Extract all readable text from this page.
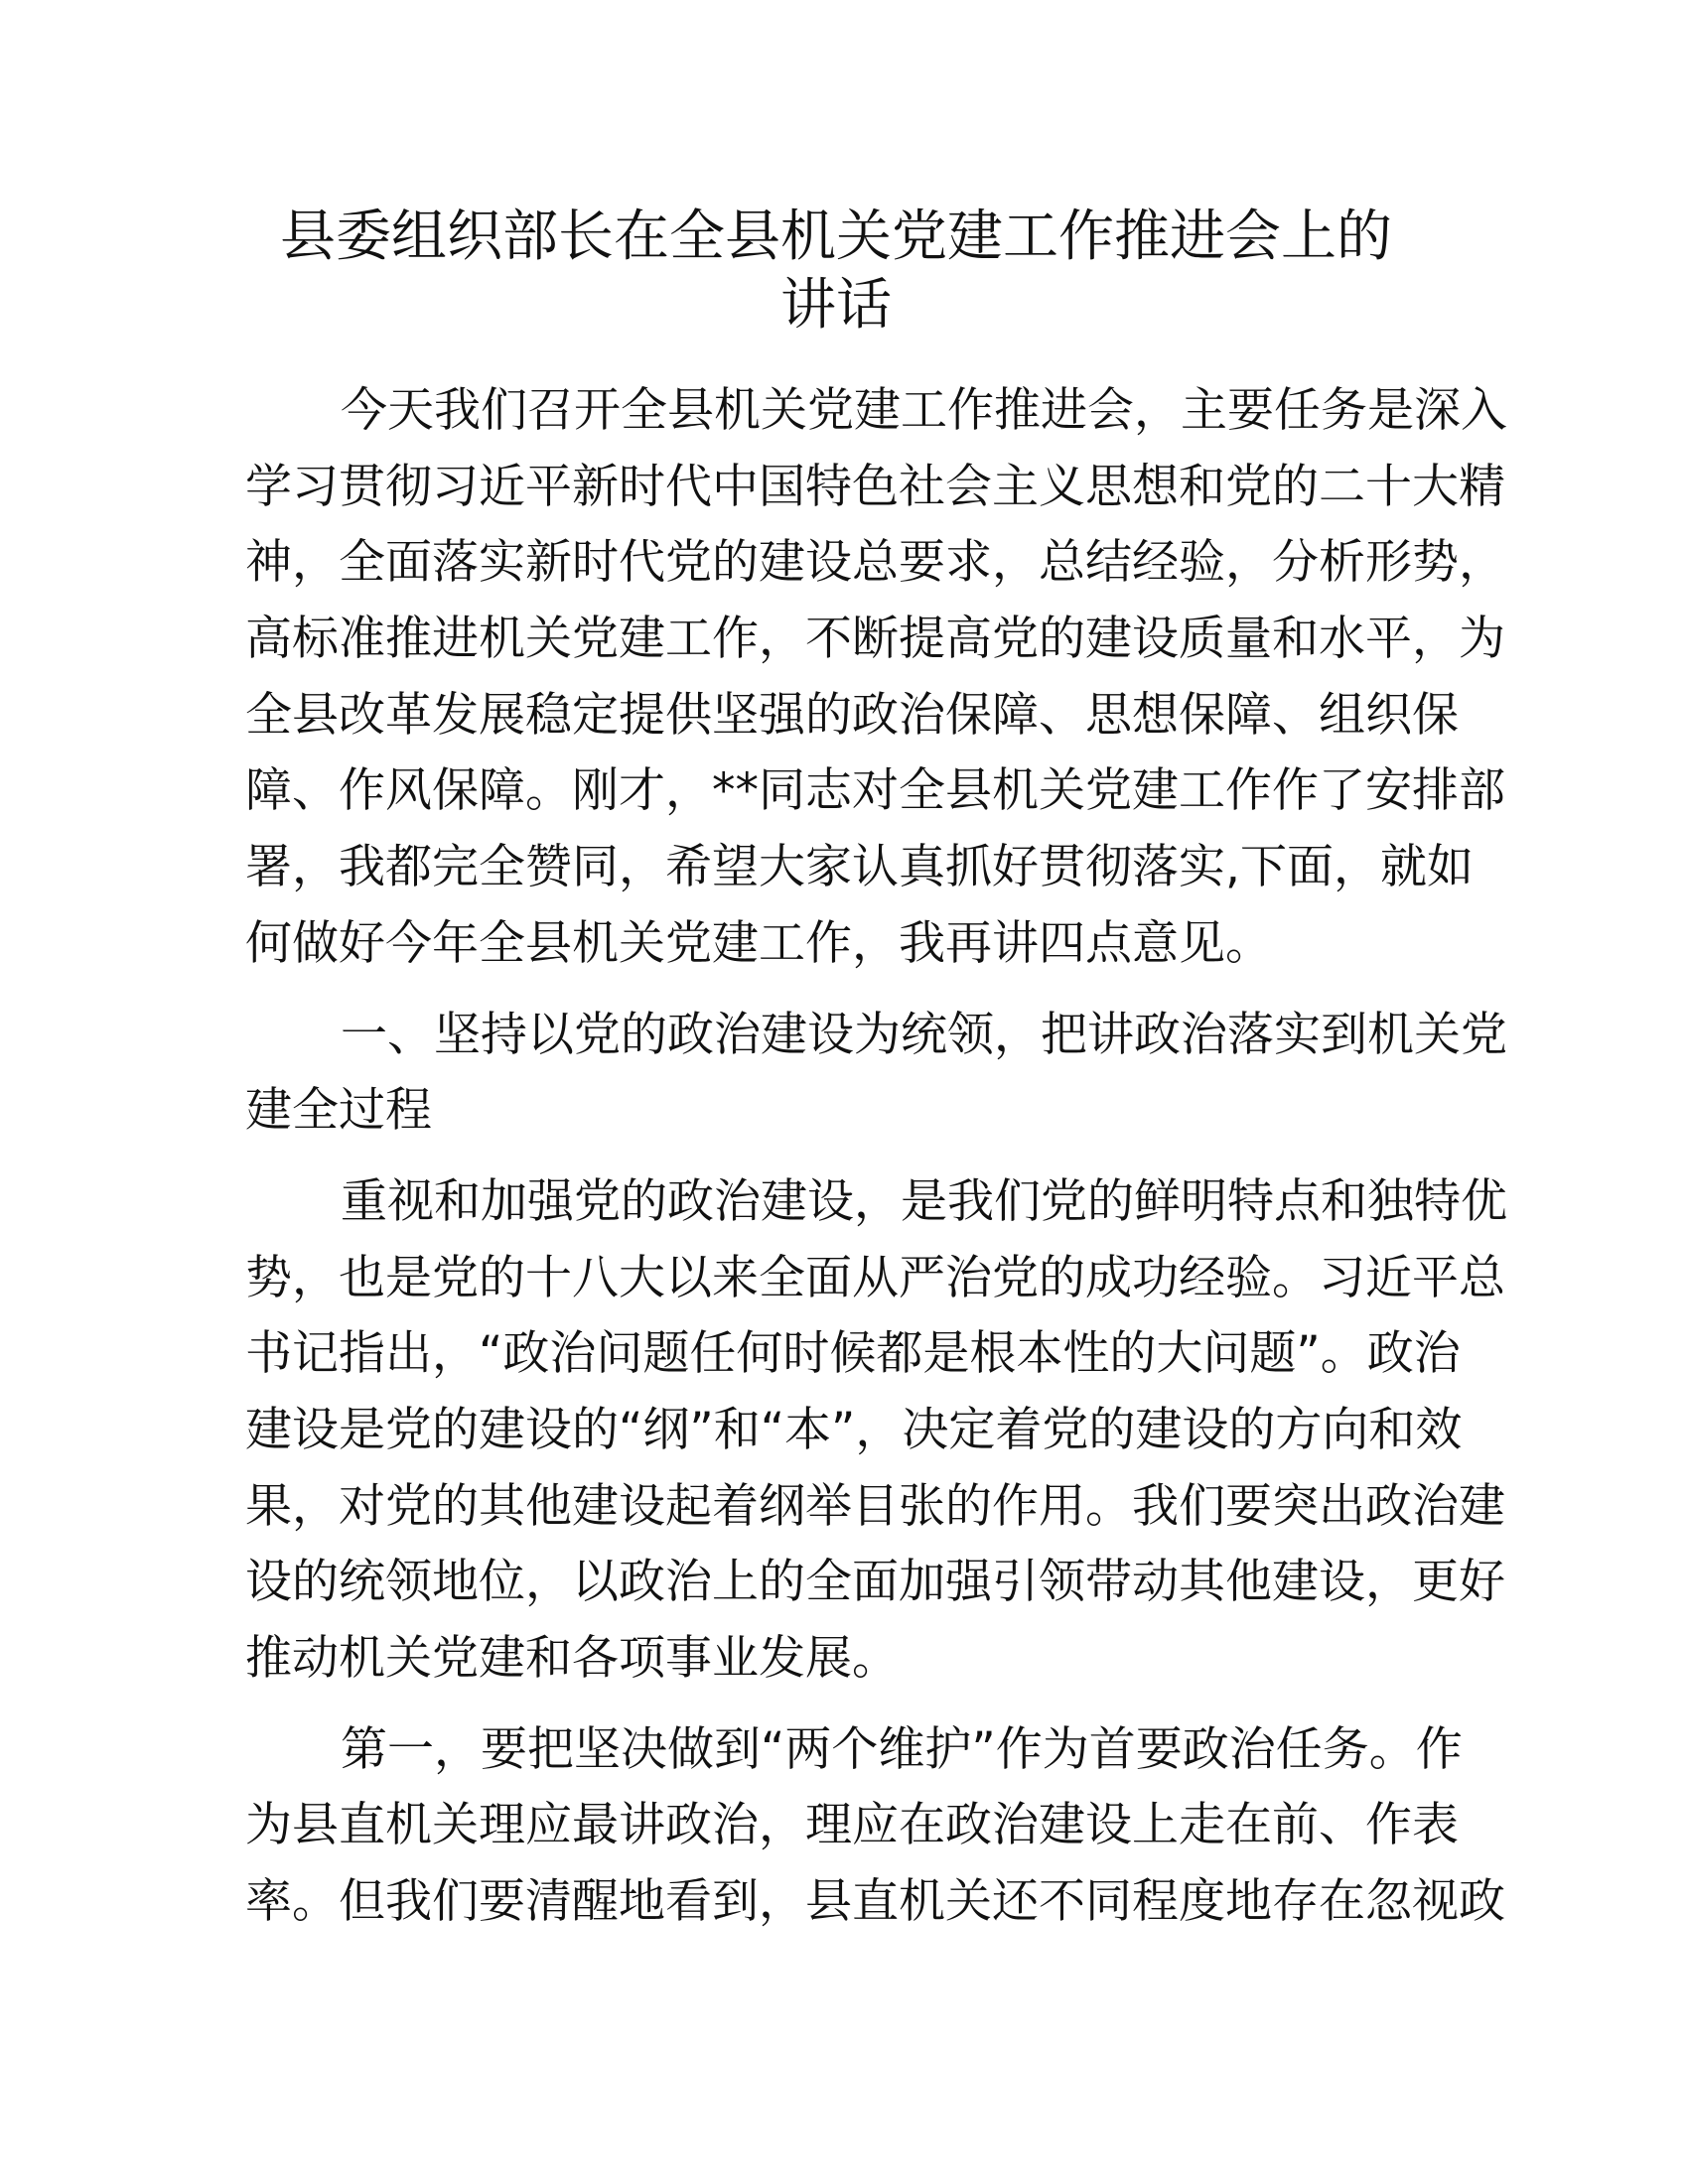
县委组织部长在全县机关党建工作推进会上的
讲话
今天我们召开全县机关党建工作推进会，主要任务是深入
学习贯彻习近平新时代中国特色社会主义思想和党的二十大精
神，全面落实新时代党的建设总要求，总结经验，分析形势，
高标准推进机关党建工作，不断提高党的建设质量和水平，为
全县改革发展稳定提供坚强的政治保障、思想保障、组织保
障、作风保障。刚才，**同志对全县机关党建工作作了安排部
署，我都完全赞同，希望大家认真抓好贯彻落实,下面，就如
何做好今年全县机关党建工作，我再讲四点意见。
一、坚持以党的政治建设为统领，把讲政治落实到机关党
建全过程
重视和加强党的政治建设，是我们党的鲜明特点和独特优
势，也是党的十八大以来全面从严治党的成功经验。习近平总
书记指出，“政治问题任何时候都是根本性的大问题”。政治
建设是党的建设的“纲”和“本”，决定着党的建设的方向和效
果，对党的其他建设起着纲举目张的作用。我们要突出政治建
设的统领地位，以政治上的全面加强引领带动其他建设，更好
推动机关党建和各项事业发展。
第一，要把坚决做到“两个维护”作为首要政治任务。作
为县直机关理应最讲政治，理应在政治建设上走在前、作表
率。但我们要清醒地看到，县直机关还不同程度地存在忽视政
